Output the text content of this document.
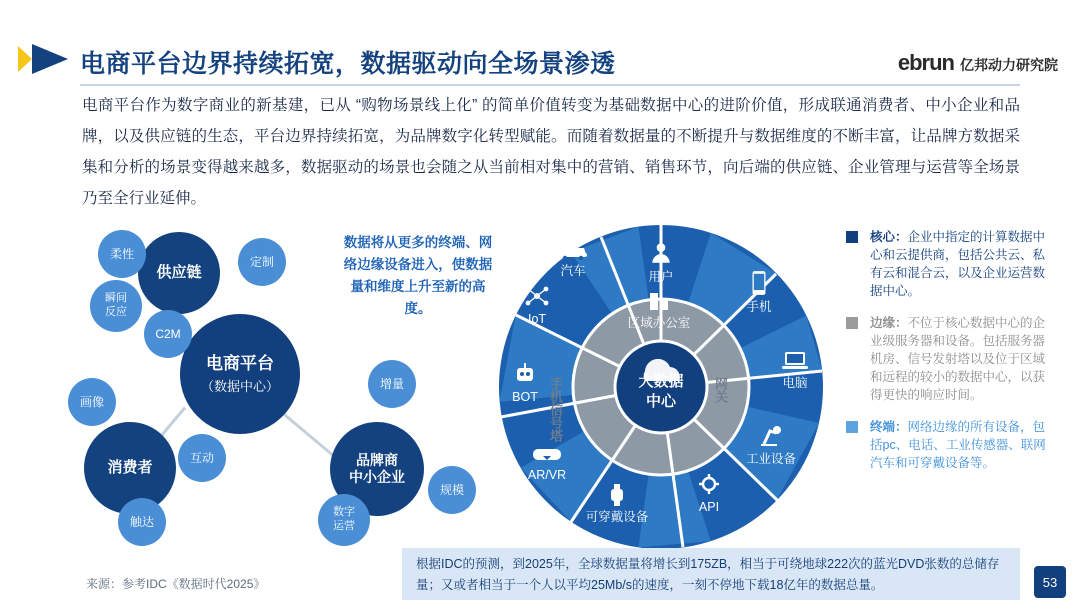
电商平台边界持续拓宽，数据驱动向全场景渗透	ebrun 亿邦动力研究院
电商平台作为数字商业的新基建，已从 “购物场景线上化” 的简单价值转变为基础数据中心的进阶价值，形成联通消费者、中小企业和品牌，以及供应链的生态，平台边界持续拓宽，为品牌数字化转型赋能。而随着数据量的不断提升与数据维度的不断丰富，让品牌方数据采集和分析的场景变得越来越多，数据驱动的场景也会随之从当前相对集中的营销、销售环节，向后端的供应链、企业管理与运营等全场景乃至全行业延伸。
电商平台
（数据中心）
供应链
消费者	品牌商
中小企业
柔性
定制
瞬间
反应
C2M
画像
互动
触达
增量
规模
数字
运营
数据将从更多的终端、网络边缘设备进入，使数据量和维度上升至新的高度。
手机信号塔	网关
大数据
中心
用户
手机
电脑
工业设备
API
可穿戴设备
AR/VR
BOT
IoT
汽车
区域办公室
核心：企业中指定的计算数据中心和云提供商，包括公共云、私有云和混合云，以及企业运营数据中心。
边缘：不位于核心数据中心的企业级服务器和设备。包括服务器机房、信号发射塔以及位于区域和远程的较小的数据中心，以获得更快的响应时间。
终端：网络边缘的所有设备，包括pc、电话、工业传感器、联网汽车和可穿戴设备等。
来源：参考IDC《数据时代2025》
根据IDC的预测，到2025年，全球数据量将增长到175ZB，相当于可绕地球222次的蓝光DVD张数的总储存量；又或者相当于一个人以平均25Mb/s的速度，一刻不停地下载18亿年的数据总量。	53
